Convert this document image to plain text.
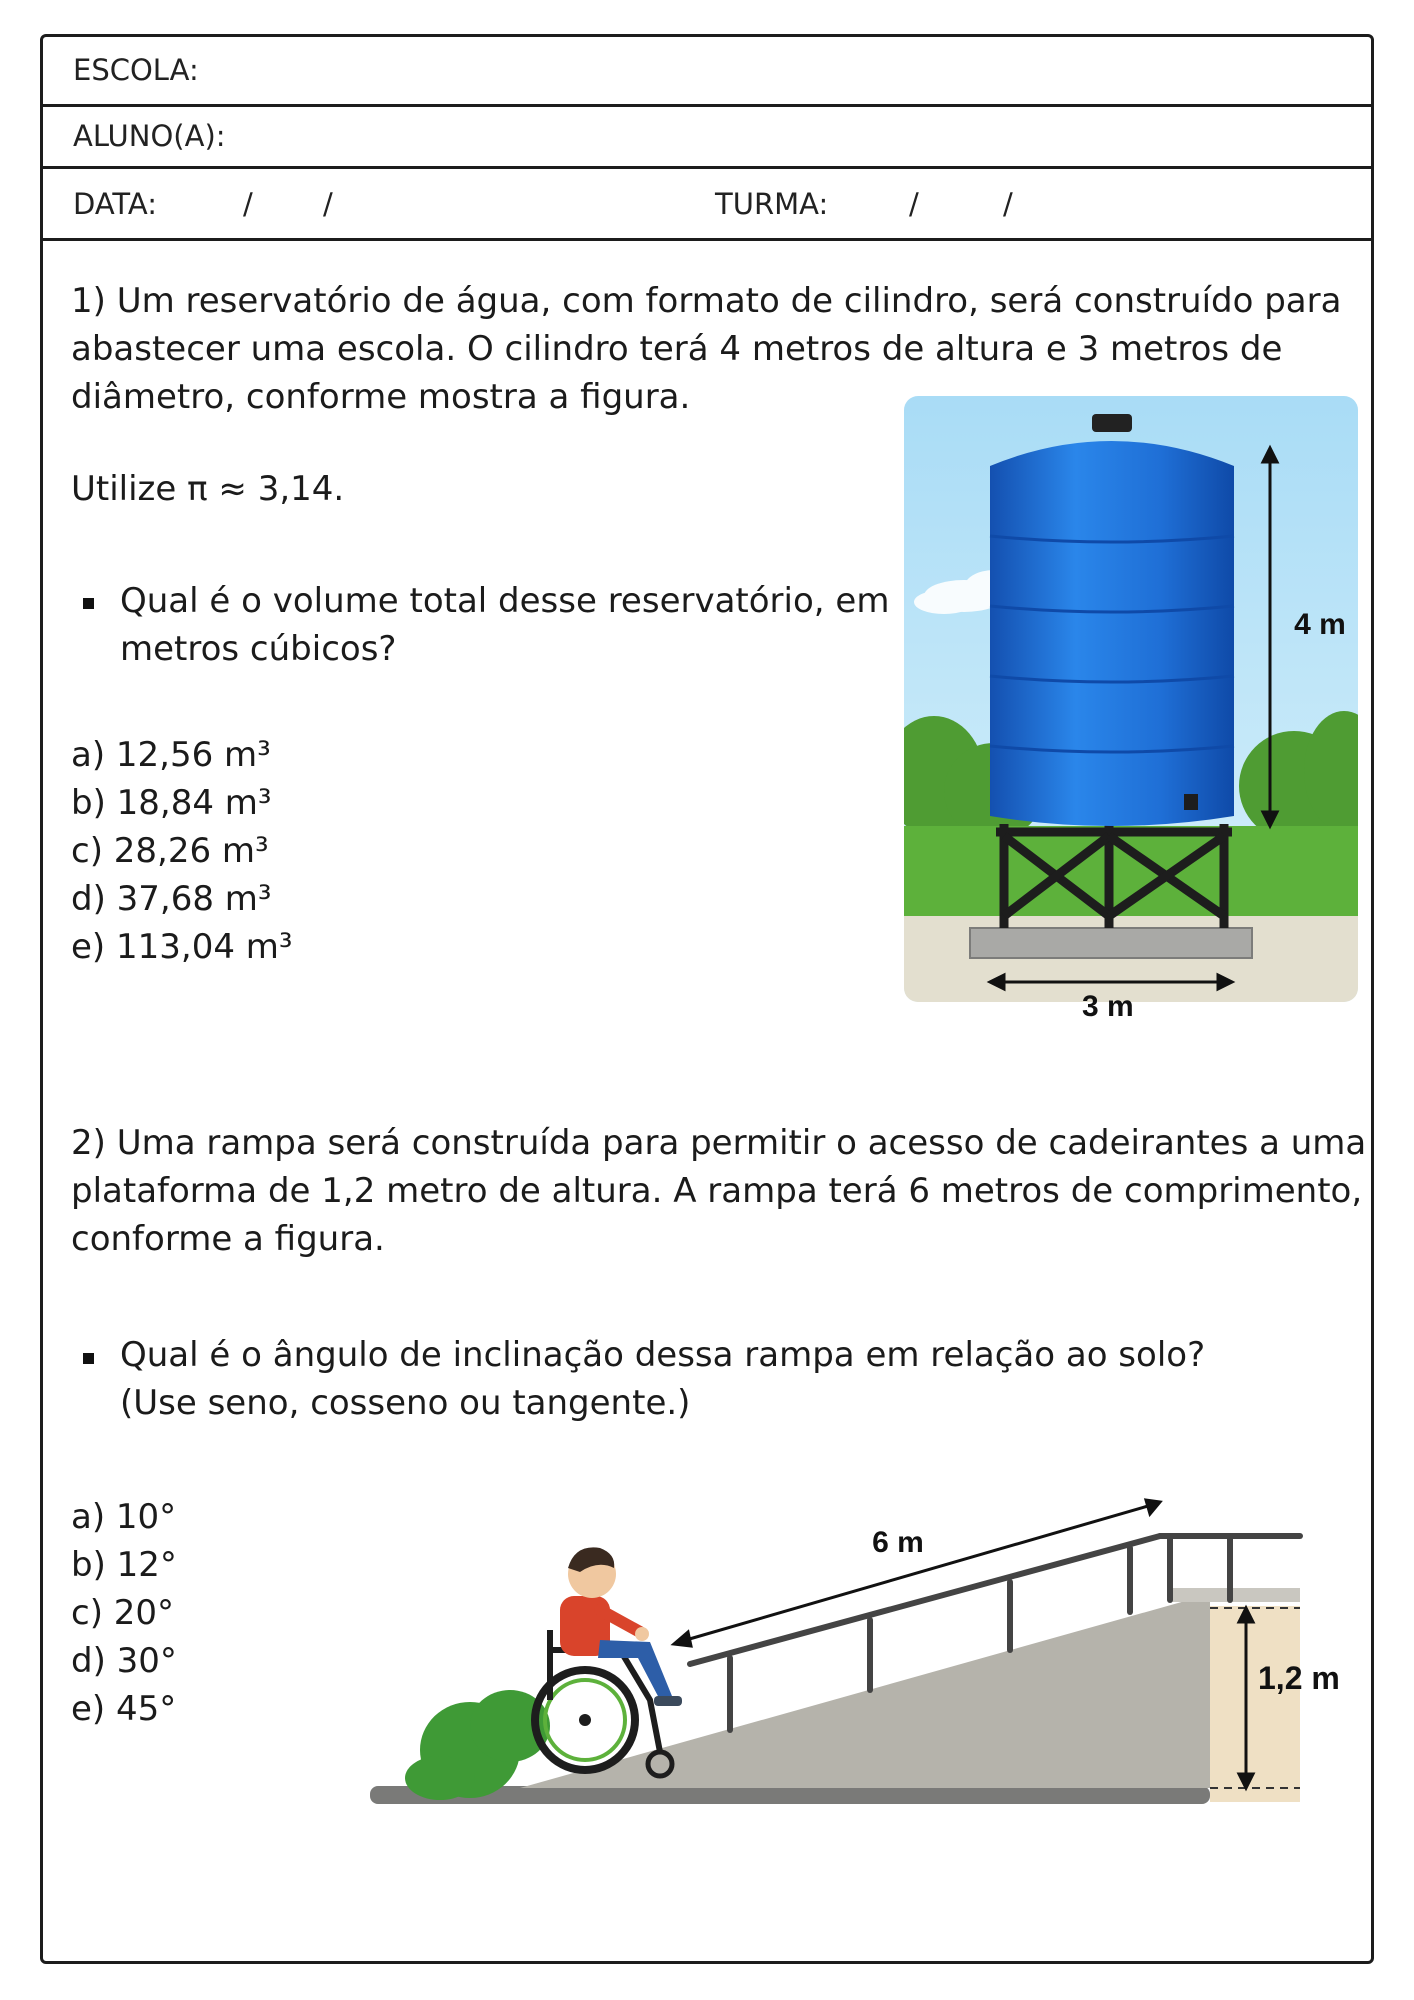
ESCOLA:
ALUNO(A):
DATA:	/ /	TURMA:	/	/
1) Um reservatório de água, com formato de cilindro, será construído para
abastecer uma escola. O cilindro terá 4 metros de altura e 3 metros de
diâmetro, conforme mostra a figura.
Utilize π ≈ 3,14.
Qual é o volume total desse reservatório, em
metros cúbicos?
a) 12,56 m³
b) 18,84 m³
c) 28,26 m³
d) 37,68 m³
e) 113,04 m³
2) Uma rampa será construída para permitir o acesso de cadeirantes a uma
plataforma de 1,2 metro de altura. A rampa terá 6 metros de comprimento,
conforme a figura.
Qual é o ângulo de inclinação dessa rampa em relação ao solo?
(Use seno, cosseno ou tangente.)
a) 10°
b) 12°
c) 20°
d) 30°
e) 45°
4 m
3 m
6 m
1,2 m
